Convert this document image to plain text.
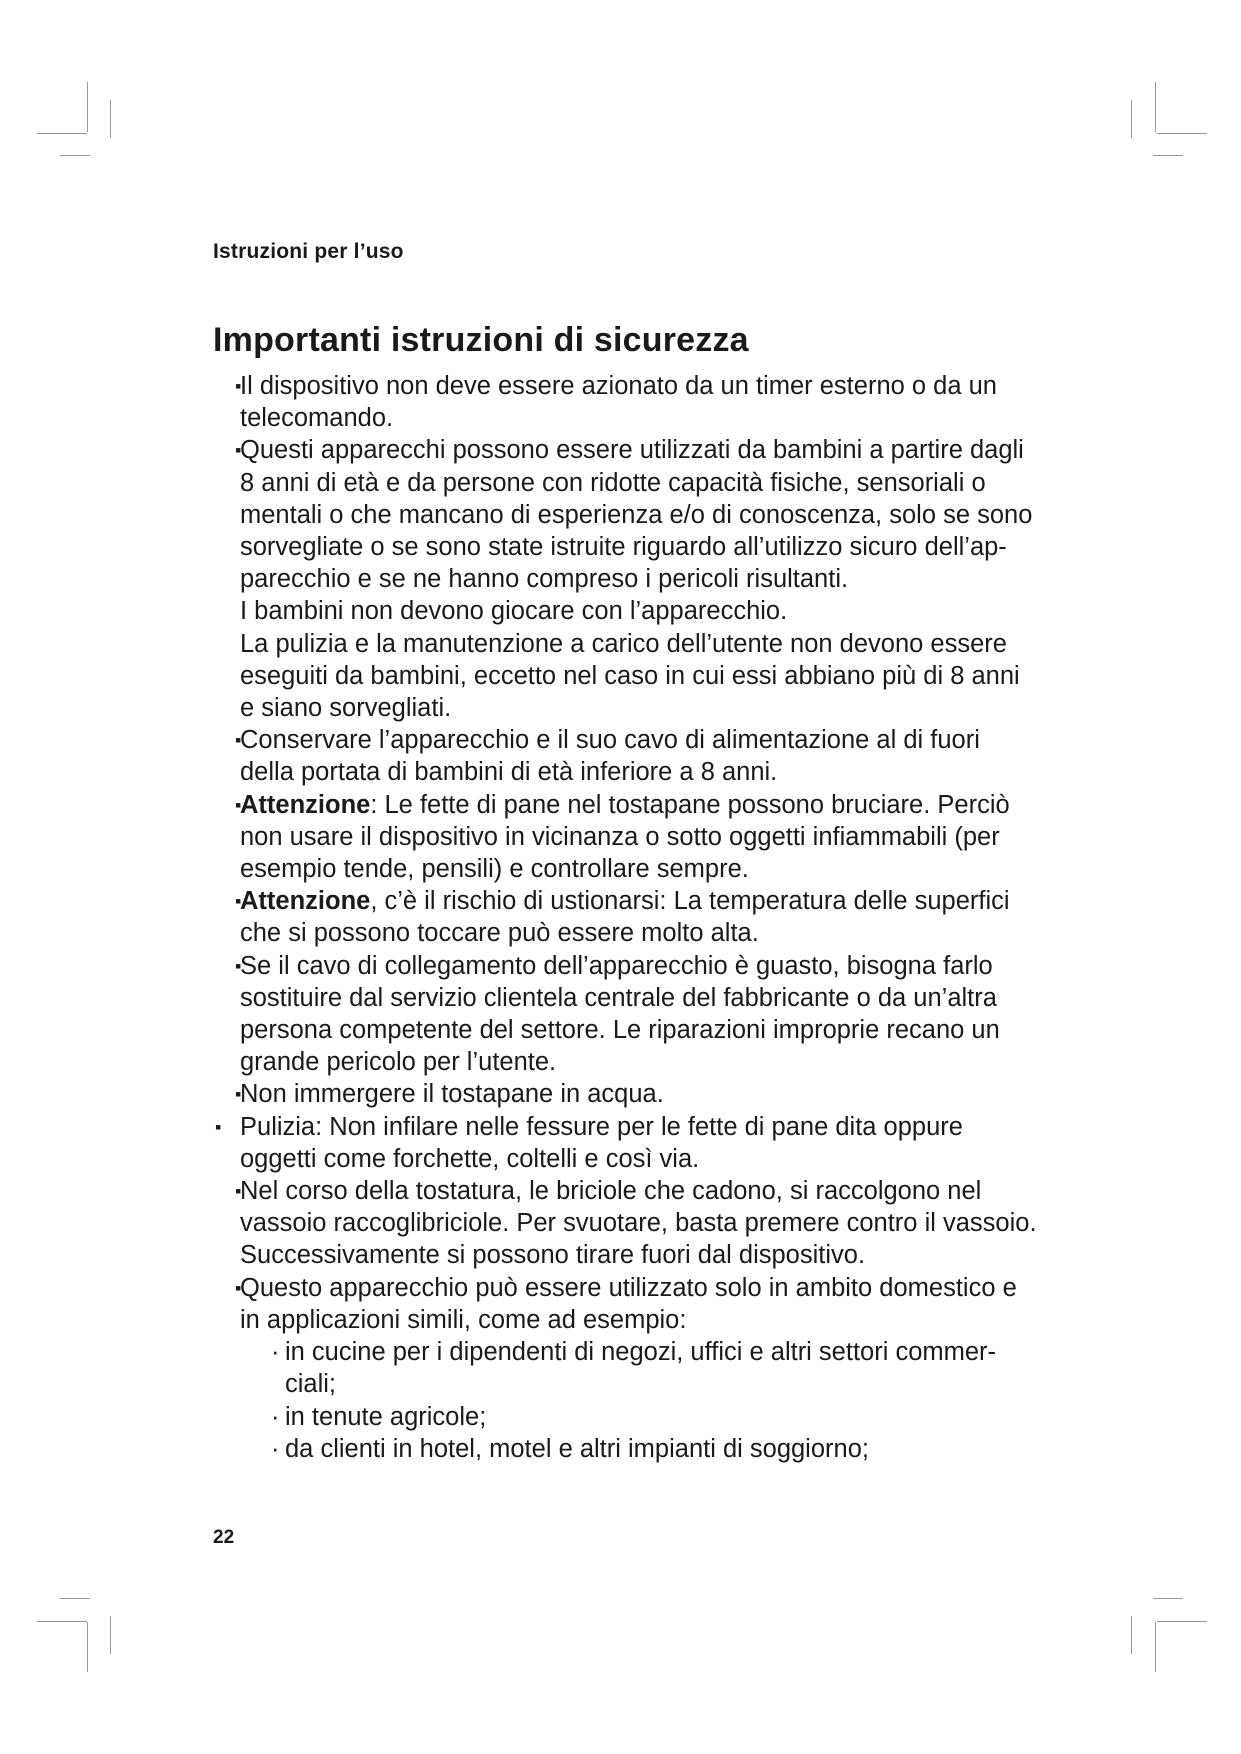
Istruzioni per l’uso
Importanti istruzioni di sicurezza
▪
Il dispositivo non deve essere azionato da un timer esterno o da un
telecomando.
▪
Questi apparecchi possono essere utilizzati da bambini a partire dagli
8 anni di età e da persone con ridotte capacità fisiche, sensoriali o
mentali o che mancano di esperienza e/o di conoscenza, solo se sono
sorvegliate o se sono state istruite riguardo all’utilizzo sicuro dell’ap-
parecchio e se ne hanno compreso i pericoli risultanti.
I bambini non devono giocare con l’apparecchio.
La pulizia e la manutenzione a carico dell’utente non devono essere
eseguiti da bambini, eccetto nel caso in cui essi abbiano più di 8 anni
e siano sorvegliati.
▪
Conservare l’apparecchio e il suo cavo di alimentazione al di fuori
della portata di bambini di età inferiore a 8 anni.
▪
Attenzione: Le fette di pane nel tostapane possono bruciare. Perciò
non usare il dispositivo in vicinanza o sotto oggetti infiammabili (per
esempio tende, pensili) e controllare sempre.
▪
Attenzione, c’è il rischio di ustionarsi: La temperatura delle superfici
che si possono toccare può essere molto alta.
▪
Se il cavo di collegamento dell’apparecchio è guasto, bisogna farlo
sostituire dal servizio clientela centrale del fabbricante o da un’altra
persona competente del settore. Le riparazioni improprie recano un
grande pericolo per l’utente.
▪
Non immergere il tostapane in acqua.
▪ Pulizia: Non infilare nelle fessure per le fette di pane dita oppure
oggetti come forchette, coltelli e così via.
▪
Nel corso della tostatura, le briciole che cadono, si raccolgono nel
vassoio raccoglibriciole. Per svuotare, basta premere contro il vassoio.
Successivamente si possono tirare fuori dal dispositivo.
▪
Questo apparecchio può essere utilizzato solo in ambito domestico e
in applicazioni simili, come ad esempio:
· in cucine per i dipendenti di negozi, uffici e altri settori commer-
ciali;
· in tenute agricole;
· da clienti in hotel, motel e altri impianti di soggiorno;
22
